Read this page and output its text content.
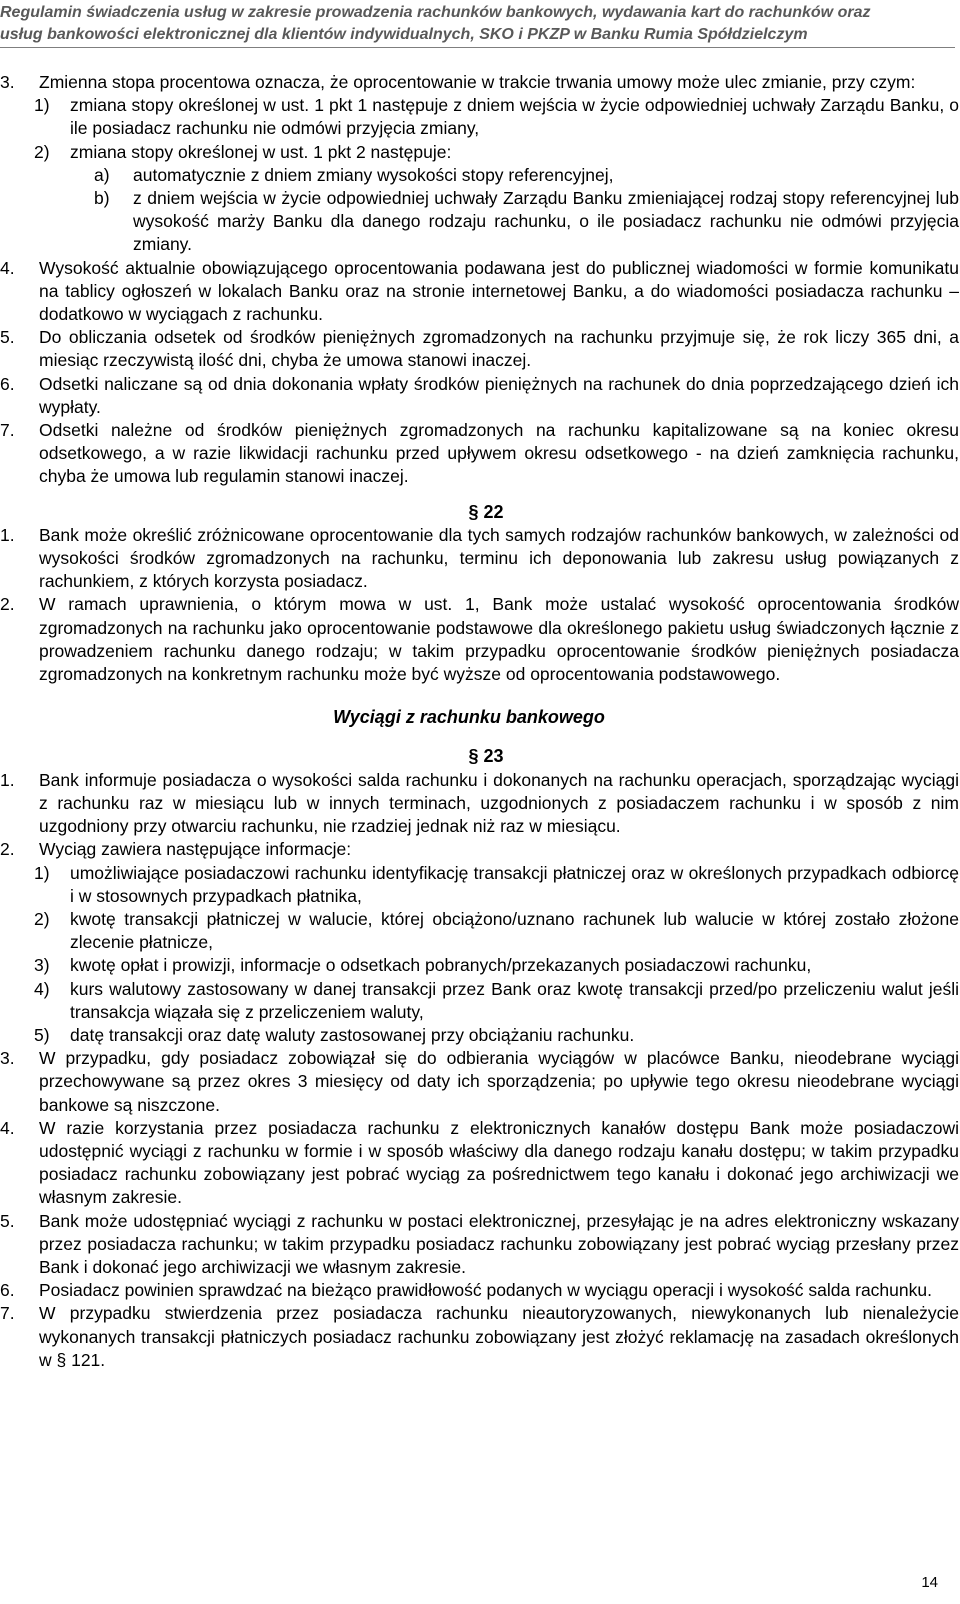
Regulamin świadczenia usług w zakresie prowadzenia rachunków bankowych, wydawania kart do rachunków oraz
usług bankowości elektronicznej dla klientów indywidualnych, SKO i PKZP w Banku Rumia Spółdzielczym
3. Zmienna stopa procentowa oznacza, że oprocentowanie w trakcie trwania umowy może ulec zmianie, przy czym:
1) zmiana stopy określonej w ust. 1 pkt 1 następuje z dniem wejścia w życie odpowiedniej uchwały Zarządu Banku, o ile posiadacz rachunku nie odmówi przyjęcia zmiany,
2) zmiana stopy określonej w ust. 1 pkt 2 następuje:
a) automatycznie z dniem zmiany wysokości stopy referencyjnej,
b) z dniem wejścia w życie odpowiedniej uchwały Zarządu Banku zmieniającej rodzaj stopy referencyjnej lub wysokość marży Banku dla danego rodzaju rachunku, o ile posiadacz rachunku nie odmówi przyjęcia zmiany.
4. Wysokość aktualnie obowiązującego oprocentowania podawana jest do publicznej wiadomości w formie komunikatu na tablicy ogłoszeń w lokalach Banku oraz na stronie internetowej Banku, a do wiadomości posiadacza rachunku – dodatkowo w wyciągach z rachunku.
5. Do obliczania odsetek od środków pieniężnych zgromadzonych na rachunku przyjmuje się, że rok liczy 365 dni, a miesiąc rzeczywistą ilość dni, chyba że umowa stanowi inaczej.
6. Odsetki naliczane są od dnia dokonania wpłaty środków pieniężnych na rachunek do dnia poprzedzającego dzień ich wypłaty.
7. Odsetki należne od środków pieniężnych zgromadzonych na rachunku kapitalizowane są na koniec okresu odsetkowego, a w razie likwidacji rachunku przed upływem okresu odsetkowego - na dzień zamknięcia rachunku, chyba że umowa lub regulamin stanowi inaczej.
§ 22
1. Bank może określić zróżnicowane oprocentowanie dla tych samych rodzajów rachunków bankowych, w zależności od wysokości środków zgromadzonych na rachunku, terminu ich deponowania lub zakresu usług powiązanych z rachunkiem, z których korzysta posiadacz.
2. W ramach uprawnienia, o którym mowa w ust. 1, Bank może ustalać wysokość oprocentowania środków zgromadzonych na rachunku jako oprocentowanie podstawowe dla określonego pakietu usług świadczonych łącznie z prowadzeniem rachunku danego rodzaju; w takim przypadku oprocentowanie środków pieniężnych posiadacza zgromadzonych na konkretnym rachunku może być wyższe od oprocentowania podstawowego.
Wyciągi z rachunku bankowego
§ 23
1. Bank informuje posiadacza o wysokości salda rachunku i dokonanych na rachunku operacjach, sporządzając wyciągi z rachunku raz w miesiącu lub w innych terminach, uzgodnionych z posiadaczem rachunku i w sposób z nim uzgodniony przy otwarciu rachunku, nie rzadziej jednak niż raz w miesiącu.
2. Wyciąg zawiera następujące informacje:
1) umożliwiające posiadaczowi rachunku identyfikację transakcji płatniczej oraz w określonych przypadkach odbiorcę i w stosownych przypadkach płatnika,
2) kwotę transakcji płatniczej w walucie, której obciążono/uznano rachunek lub walucie w której zostało złożone zlecenie płatnicze,
3) kwotę opłat i prowizji, informacje o odsetkach pobranych/przekazanych posiadaczowi rachunku,
4) kurs walutowy zastosowany w danej transakcji przez Bank oraz kwotę transakcji przed/po przeliczeniu walut jeśli transakcja wiązała się z przeliczeniem waluty,
5) datę transakcji oraz datę waluty zastosowanej przy obciążaniu rachunku.
3. W przypadku, gdy posiadacz zobowiązał się do odbierania wyciągów w placówce Banku, nieodebrane wyciągi przechowywane są przez okres 3 miesięcy od daty ich sporządzenia; po upływie tego okresu nieodebrane wyciągi bankowe są niszczone.
4. W razie korzystania przez posiadacza rachunku z elektronicznych kanałów dostępu Bank może posiadaczowi udostępnić wyciągi z rachunku w formie i w sposób właściwy dla danego rodzaju kanału dostępu; w takim przypadku posiadacz rachunku zobowiązany jest pobrać wyciąg za pośrednictwem tego kanału i dokonać jego archiwizacji we własnym zakresie.
5. Bank może udostępniać wyciągi z rachunku w postaci elektronicznej, przesyłając je na adres elektroniczny wskazany przez posiadacza rachunku; w takim przypadku posiadacz rachunku zobowiązany jest pobrać wyciąg przesłany przez Bank i dokonać jego archiwizacji we własnym zakresie.
6. Posiadacz powinien sprawdzać na bieżąco prawidłowość podanych w wyciągu operacji i wysokość salda rachunku.
7. W przypadku stwierdzenia przez posiadacza rachunku nieautoryzowanych, niewykonanych lub nienależycie wykonanych transakcji płatniczych posiadacz rachunku zobowiązany jest złożyć reklamację na zasadach określonych w § 121.
14
